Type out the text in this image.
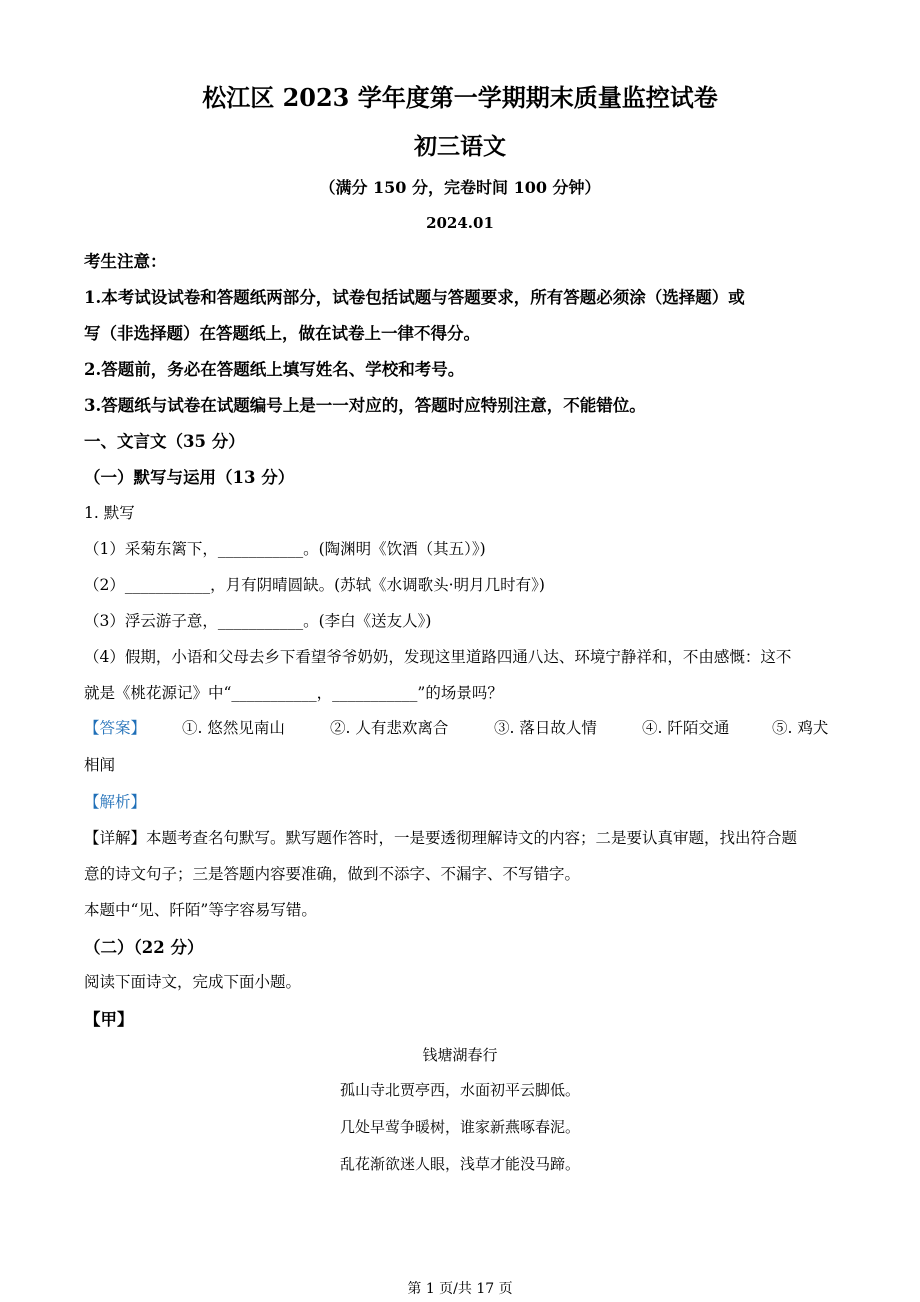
松江区 2023 学年度第一学期期末质量监控试卷
初三语文
（满分 150 分，完卷时间 100 分钟）
2024.01
考生注意：
1.本考试设试卷和答题纸两部分，试卷包括试题与答题要求，所有答题必须涂（选择题）或
写（非选择题）在答题纸上，做在试卷上一律不得分。
2.答题前，务必在答题纸上填写姓名、学校和考号。
3.答题纸与试卷在试题编号上是一一对应的，答题时应特别注意，不能错位。
一、文言文（35 分）
（一）默写与运用（13 分）
1. 默写
（1）采菊东篱下，___________。(陶渊明《饮酒（其五）》)
（2）___________，月有阴晴圆缺。(苏轼《水调歌头·明月几时有》)
（3）浮云游子意，___________。(李白《送友人》)
（4）假期，小语和父母去乡下看望爷爷奶奶，发现这里道路四通八达、环境宁静祥和，不由感慨：这不
就是《桃花源记》中“___________，___________”的场景吗？
【答案】 ①. 悠然见南山	②. 人有悲欢离合	③. 落日故人情	④. 阡陌交通	⑤. 鸡犬
相闻
【解析】
【详解】本题考查名句默写。默写题作答时，一是要透彻理解诗文的内容；二是要认真审题，找出符合题
意的诗文句子；三是答题内容要准确，做到不添字、不漏字、不写错字。
本题中“见、阡陌”等字容易写错。
（二）（22 分）
阅读下面诗文，完成下面小题。
【甲】
钱塘湖春行
孤山寺北贾亭西，水面初平云脚低。
几处早莺争暖树，谁家新燕啄春泥。
乱花渐欲迷人眼，浅草才能没马蹄。
第 1 页/共 17 页
